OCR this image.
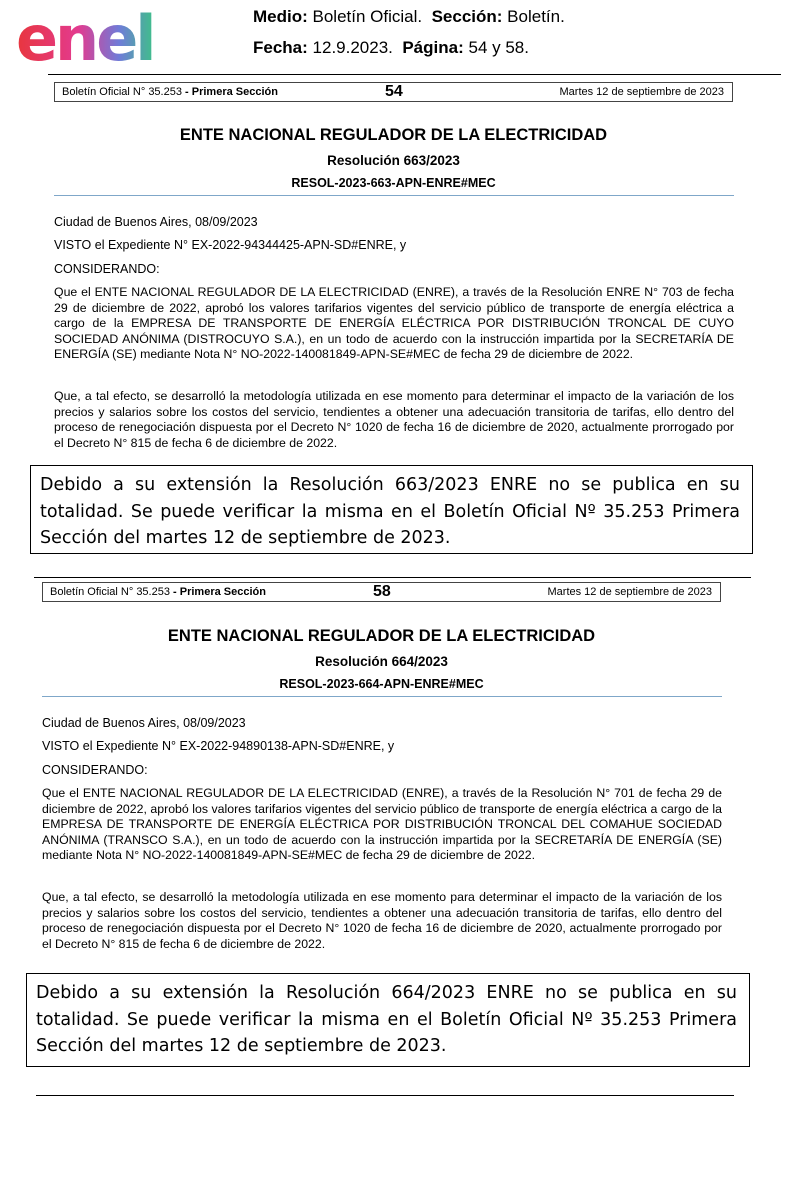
enel	Medio: Boletín Oficial. Sección: Boletín.
Fecha: 12.9.2023. Página: 54 y 58.
Boletín Oficial N° 35.253 - Primera Sección	54	Martes 12 de septiembre de 2023
ENTE NACIONAL REGULADOR DE LA ELECTRICIDAD
Resolución 663/2023
RESOL-2023-663-APN-ENRE#MEC
Ciudad de Buenos Aires, 08/09/2023
VISTO el Expediente N° EX-2022-94344425-APN-SD#ENRE, y
CONSIDERANDO:
Que el ENTE NACIONAL REGULADOR DE LA ELECTRICIDAD (ENRE), a través de la Resolución ENRE N° 703 de fecha 29 de diciembre de 2022, aprobó los valores tarifarios vigentes del servicio público de transporte de energía eléctrica a cargo de la EMPRESA DE TRANSPORTE DE ENERGÍA ELÉCTRICA POR DISTRIBUCIÓN TRONCAL DE CUYO SOCIEDAD ANÓNIMA (DISTROCUYO S.A.), en un todo de acuerdo con la instrucción impartida por la SECRETARÍA DE ENERGÍA (SE) mediante Nota N° NO-2022-140081849-APN-SE#MEC de fecha 29 de diciembre de 2022.
Que, a tal efecto, se desarrolló la metodología utilizada en ese momento para determinar el impacto de la variación de los precios y salarios sobre los costos del servicio, tendientes a obtener una adecuación transitoria de tarifas, ello dentro del proceso de renegociación dispuesta por el Decreto N° 1020 de fecha 16 de diciembre de 2020, actualmente prorrogado por el Decreto N° 815 de fecha 6 de diciembre de 2022.
Debido a su extensión la Resolución 663/2023 ENRE no se publica en su totalidad. Se puede verificar la misma en el Boletín Oficial Nº 35.253 Primera Sección del martes 12 de septiembre de 2023.
Boletín Oficial N° 35.253 - Primera Sección	58	Martes 12 de septiembre de 2023
ENTE NACIONAL REGULADOR DE LA ELECTRICIDAD
Resolución 664/2023
RESOL-2023-664-APN-ENRE#MEC
Ciudad de Buenos Aires, 08/09/2023
VISTO el Expediente N° EX-2022-94890138-APN-SD#ENRE, y
CONSIDERANDO:
Que el ENTE NACIONAL REGULADOR DE LA ELECTRICIDAD (ENRE), a través de la Resolución N° 701 de fecha 29 de diciembre de 2022, aprobó los valores tarifarios vigentes del servicio público de transporte de energía eléctrica a cargo de la EMPRESA DE TRANSPORTE DE ENERGÍA ELÉCTRICA POR DISTRIBUCIÓN TRONCAL DEL COMAHUE SOCIEDAD ANÓNIMA (TRANSCO S.A.), en un todo de acuerdo con la instrucción impartida por la SECRETARÍA DE ENERGÍA (SE) mediante Nota N° NO-2022-140081849-APN-SE#MEC de fecha 29 de diciembre de 2022.
Que, a tal efecto, se desarrolló la metodología utilizada en ese momento para determinar el impacto de la variación de los precios y salarios sobre los costos del servicio, tendientes a obtener una adecuación transitoria de tarifas, ello dentro del proceso de renegociación dispuesta por el Decreto N° 1020 de fecha 16 de diciembre de 2020, actualmente prorrogado por el Decreto N° 815 de fecha 6 de diciembre de 2022.
Debido a su extensión la Resolución 664/2023 ENRE no se publica en su totalidad. Se puede verificar la misma en el Boletín Oficial Nº 35.253 Primera Sección del martes 12 de septiembre de 2023.
